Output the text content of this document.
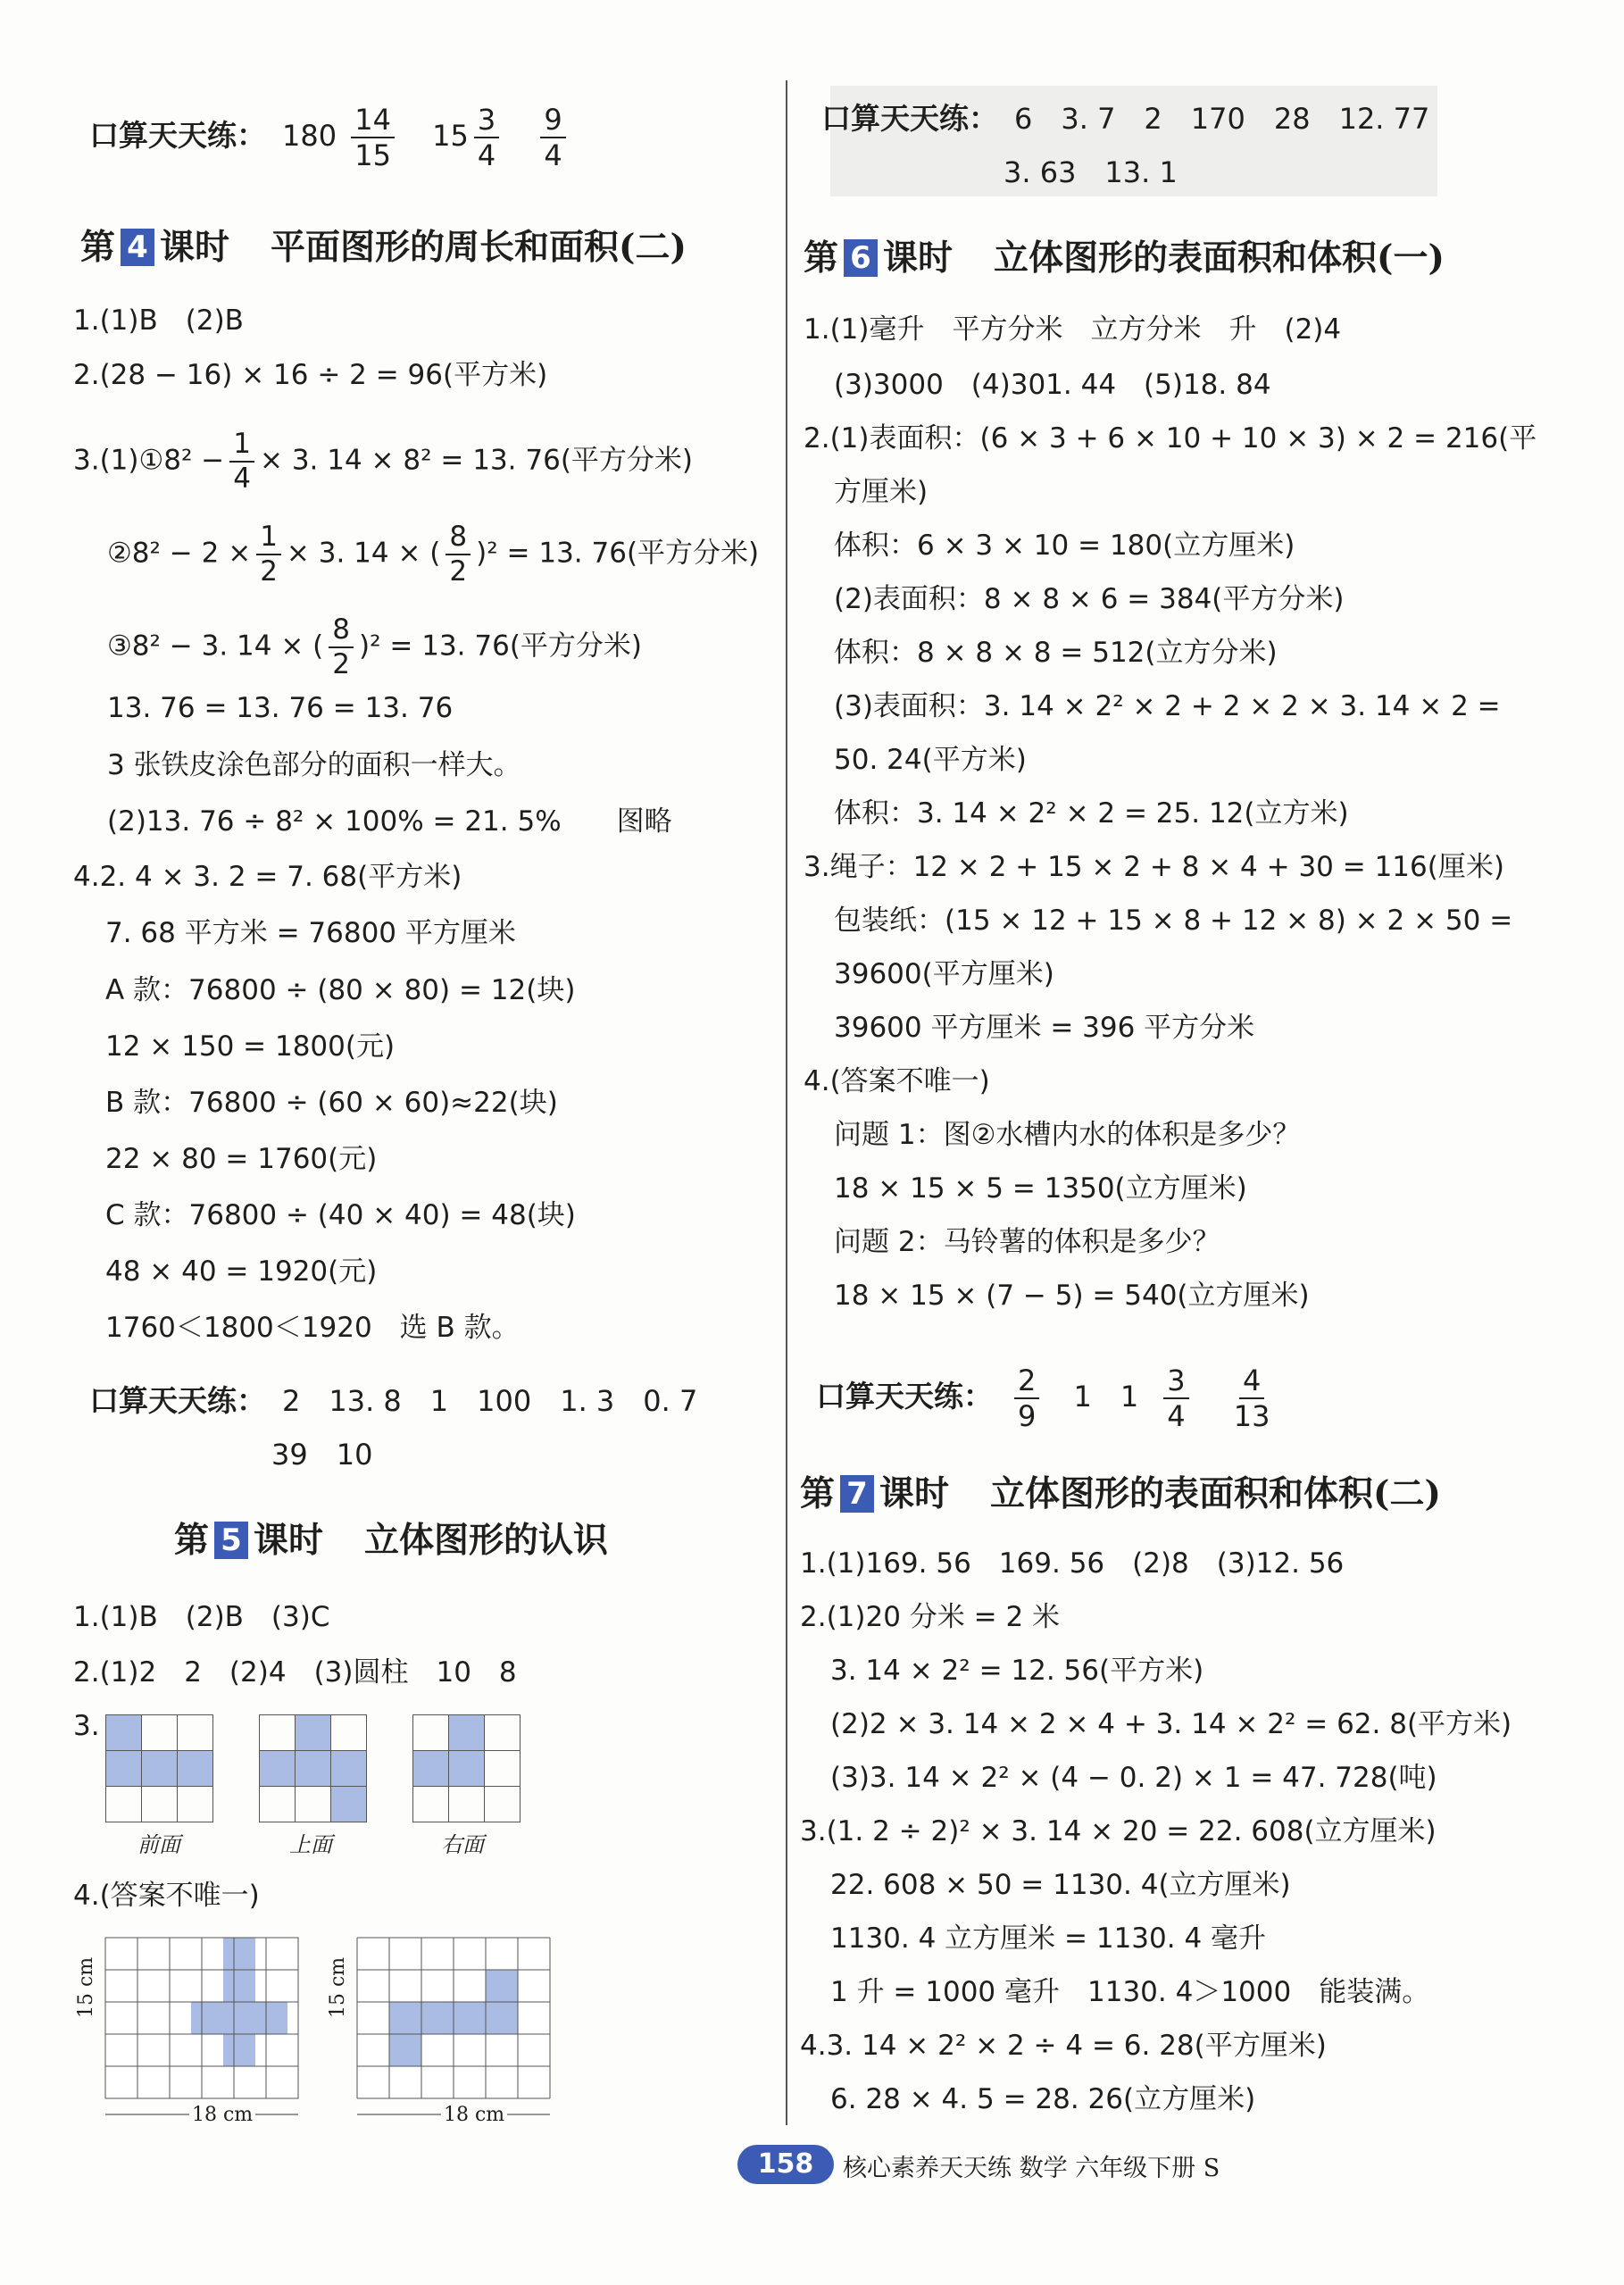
口算天天练： $180 \frac{14}{15} 15 \frac{3}{4}$
$\frac{9}{4}$
第 4 课时 平面图形的周长和面积(二)
1.(1)B　(2)B
2.(28 − 16) × 16 ÷ 2 = 96(平方米)
3.(1)①8² − $\frac{1}{4} \times 3$. 14 × 8² = 13. 76(平方分米)
②8² − $2 \times \frac{1}{2} \times 3$. 14 × ( $\frac{8}{2} )^2 = 13$. 76(平方分米)
③8² − 3. 14 × ( $\frac{8}{2} )^2 = 13$. 76(平方分米)
13. 76 = 13. 76 = 13. 76
3 张铁皮涂色部分的面积一样大。
(2)13. 76 ÷ 8² × 100% = 21. 5%　　图略
4.2. 4 × 3. 2 = 7. 68(平方米)
7. 68 平方米 = 76800 平方厘米
A 款：76800 ÷ (80 × 80) = 12(块)
12 × 150 = 1800(元)
B 款：76800 ÷ (60 × 60)≈22(块)
22 × 80 = 1760(元)
C 款：76800 ÷ (40 × 40) = 48(块)
48 × 40 = 1920(元)
1760＜1800＜1920　选 B 款。
口算天天练： 2　13. 8　1　100　1. 3　0. 7
39　10
第 5 课时 立体图形的认识
1.(1)B　(2)B　(3)C
2.(1)2　2　(2)4　(3)圆柱　10　8
3.
前面	上面	右面
4.(答案不唯一)
18 cm
15 cm
18 cm
15 cm
口算天天练： 6　3. 7　2　170　28　12. 77
3. 63　13. 1
第 6 课时 立体图形的表面积和体积(一)
1.(1)毫升　平方分米　立方分米　升　(2)4
(3)3000　(4)301. 44　(5)18. 84
2.(1)表面积：(6 × 3 + 6 × 10 + 10 × 3) × 2 = 216(平
方厘米)
体积：6 × 3 × 10 = 180(立方厘米)
(2)表面积：8 × 8 × 6 = 384(平方分米)
体积：8 × 8 × 8 = 512(立方分米)
(3)表面积：3. 14 × 2² × 2 + 2 × 2 × 3. 14 × 2 =
50. 24(平方米)
体积：3. 14 × 2² × 2 = 25. 12(立方米)
3.绳子：12 × 2 + 15 × 2 + 8 × 4 + 30 = 116(厘米)
包装纸：(15 × 12 + 15 × 8 + 12 × 8) × 2 × 50 =
39600(平方厘米)
39600 平方厘米 = 396 平方分米
4.(答案不唯一)
问题 1：图②水槽内水的体积是多少？
18 × 15 × 5 = 1350(立方厘米)
问题 2：马铃薯的体积是多少？
18 × 15 × (7 − 5) = 540(立方厘米)
口算天天练： $\frac{2}{9} 1$　$1 \frac{3}{4}$
$\frac{4}{13}$
第 7 课时 立体图形的表面积和体积(二)
1.(1)169. 56　169. 56　(2)8　(3)12. 56
2.(1)20 分米 = 2 米
3. 14 × 2² = 12. 56(平方米)
(2)2 × 3. 14 × 2 × 4 + 3. 14 × 2² = 62. 8(平方米)
(3)3. 14 × 2² × (4 − 0. 2) × 1 = 47. 728(吨)
3.(1. 2 ÷ 2)² × 3. 14 × 20 = 22. 608(立方厘米)
22. 608 × 50 = 1130. 4(立方厘米)
1130. 4 立方厘米 = 1130. 4 毫升
1 升 = 1000 毫升　1130. 4＞1000　能装满。
4.3. 14 × 2² × 2 ÷ 4 = 6. 28(平方厘米)
6. 28 × 4. 5 = 28. 26(立方厘米)
158	核心素养天天练 数学 六年级下册 S
